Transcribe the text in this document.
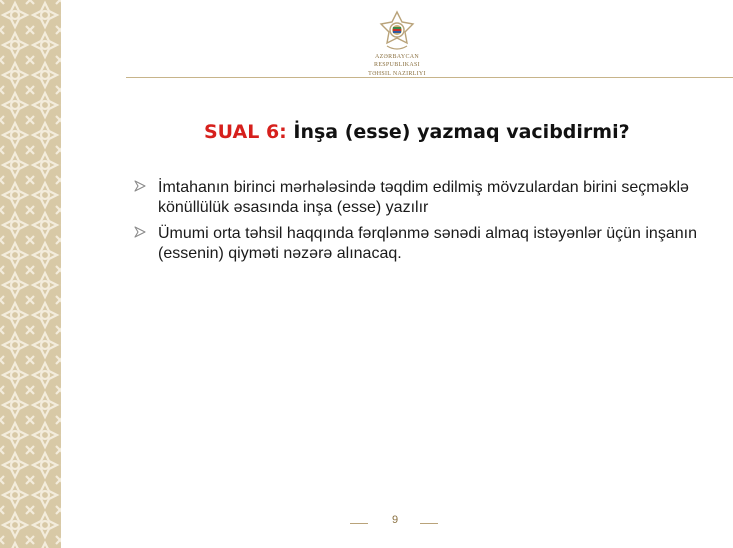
AZƏRBAYCAN RESPUBLIKASI
TƏHSIL NAZIRLIYI
SUAL 6: İnşa (esse) yazmaq vacibdirmi?

İmtahanın birinci mərhələsində təqdim edilmiş mövzulardan birini seçməklə könüllülük əsasında inşa (esse) yazılır

Ümumi orta təhsil haqqında fərqlənmə sənədi almaq istəyənlər üçün inşanın (essenin) qiyməti nəzərə alınacaq.

9
